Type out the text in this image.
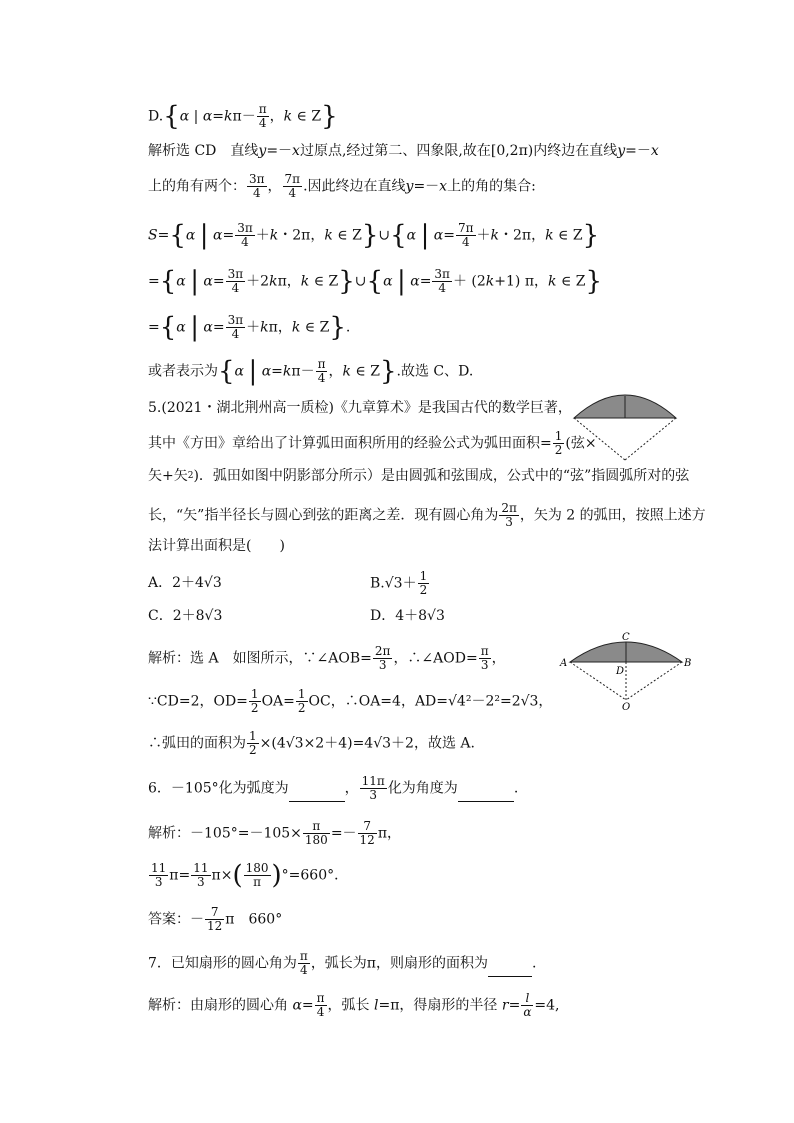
D.{α | $\alpha=k\pi- \frac{\pi}{4}$ ，k ∈ Z}
解析选 CD　 直线y=－x过原点,经过第二、四象限,故在[0,2π)内终边在直线y=－x
上的角有两个： $\frac{3\pi}{4}$ ， $\frac{7\pi}{4}$ .因此终边在直线y=－x上的角的集合:
S={α | $\alpha= \frac{3\pi}{4} +k$・2π，k ∈ Z}∪{α | $\alpha= \frac{7\pi}{4} +k$・2π，k ∈ Z}
={α | $\alpha= \frac{3\pi}{4} +2k\pi$，k ∈ Z}∪{α | $\alpha= \frac{3\pi}{4} + (2k+1)$ π，k ∈ Z}
={α | $\alpha= \frac{3\pi}{4} +k\pi$，k ∈ Z}.
或者表示为{α | $\alpha=k\pi- \frac{\pi}{4}$ ，k ∈ Z}.故选 C、D.
5.(2021・湖北荆州高一质检)《九章算术》是我国古代的数学巨著，
其中《方田》章给出了计算弧田面积所用的经验公式为弧田面积= $\frac{1}{2}$ (弦×
矢+矢$^2$)．弧田如图中阴影部分所示）是由圆弧和弦围成，公式中的“弦”指圆弧所对的弦
长，“矢”指半径长与圆心到弦的距离之差．现有圆心角为 $\frac{2\pi}{3}$ ，矢为 2 的弧田，按照上述方
法计算出面积是(　　)
A．2＋4√3	$B.√3+ \frac{1}{2}$
C．2＋8√3	D．4＋8√3
解析：选 A　 如图所示，∵∠AOB= $\frac{2\pi}{3}$ ，∴∠AOD= $\frac{\pi}{3}$ ，
∵CD=2，$OD= \frac{1}{2} OA= \frac{1}{2}$ OC，∴OA=4，AD=√4²－2²=2√3，
∴弧田的面积为 $\frac{1}{2} \times(4√3\times 2+4)=4√3+2$，故选 A.
A	B
C
D
O
6．－105°化为弧度为	， $\frac{11\pi}{3}$ 化为角度为	.
解析：$-105^\circ=-105\times \frac{\pi}{180} =- \frac{7}{12}$ π，
$\frac{11}{3} \pi= \frac{11}{3} \pi\times( \frac{180}{\pi} )^\circ=660^\circ$．
答案：－ $\frac{7}{12}$ π　660°
7．已知扇形的圆心角为 $\frac{\pi}{4}$ ，弧长为π，则扇形的面积为	.
解析：由扇形的圆心角 $\alpha= \frac{\pi}{4}$ ，弧长 l=π，得扇形的半径 $r= \frac{l}{\alpha} =4$,
